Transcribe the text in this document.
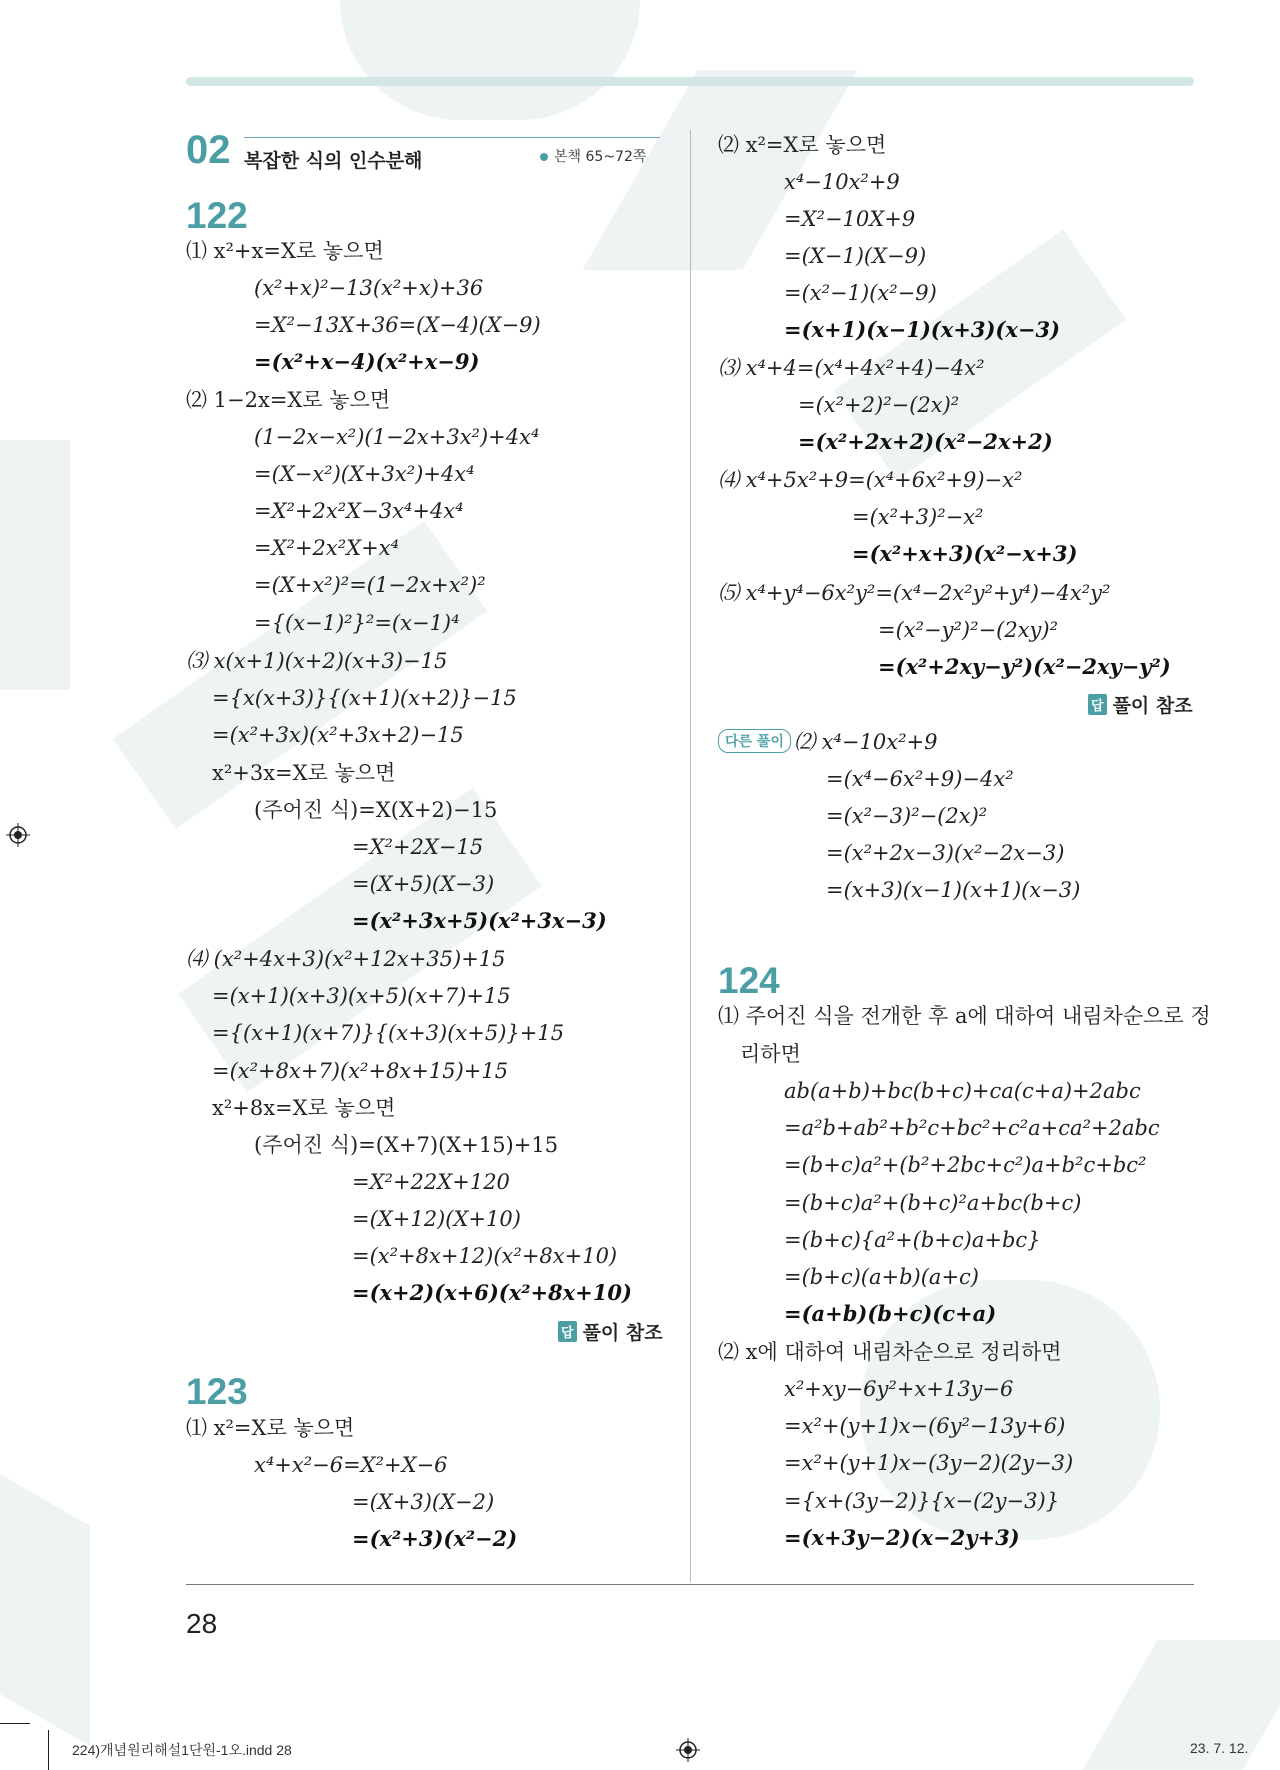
02 복잡한 식의 인수분해	본책 65~72쪽
122
⑴ x²+x=X로 놓으면
(x²+x)²−13(x²+x)+36
=X²−13X+36=(X−4)(X−9)
=(x²+x−4)(x²+x−9)
⑵ 1−2x=X로 놓으면
(1−2x−x²)(1−2x+3x²)+4x⁴
=(X−x²)(X+3x²)+4x⁴
=X²+2x²X−3x⁴+4x⁴
=X²+2x²X+x⁴
=(X+x²)²=(1−2x+x²)²
={(x−1)²}²=(x−1)⁴
⑶ x(x+1)(x+2)(x+3)−15
={x(x+3)}{(x+1)(x+2)}−15
=(x²+3x)(x²+3x+2)−15
x²+3x=X로 놓으면
(주어진 식)=X(X+2)−15
=X²+2X−15
=(X+5)(X−3)
=(x²+3x+5)(x²+3x−3)
⑷ (x²+4x+3)(x²+12x+35)+15
=(x+1)(x+3)(x+5)(x+7)+15
={(x+1)(x+7)}{(x+3)(x+5)}+15
=(x²+8x+7)(x²+8x+15)+15
x²+8x=X로 놓으면
(주어진 식)=(X+7)(X+15)+15
=X²+22X+120
=(X+12)(X+10)
=(x²+8x+12)(x²+8x+10)
=(x+2)(x+6)(x²+8x+10)
답 풀이 참조
123
⑴ x²=X로 놓으면
x⁴+x²−6=X²+X−6
=(X+3)(X−2)
=(x²+3)(x²−2)
⑵ x²=X로 놓으면
x⁴−10x²+9
=X²−10X+9
=(X−1)(X−9)
=(x²−1)(x²−9)
=(x+1)(x−1)(x+3)(x−3)
⑶ x⁴+4=(x⁴+4x²+4)−4x²
=(x²+2)²−(2x)²
=(x²+2x+2)(x²−2x+2)
⑷ x⁴+5x²+9=(x⁴+6x²+9)−x²
=(x²+3)²−x²
=(x²+x+3)(x²−x+3)
⑸ x⁴+y⁴−6x²y²=(x⁴−2x²y²+y⁴)−4x²y²
=(x²−y²)²−(2xy)²
=(x²+2xy−y²)(x²−2xy−y²)
답 풀이 참조
다른 풀이 ⑵ x⁴−10x²+9
=(x⁴−6x²+9)−4x²
=(x²−3)²−(2x)²
=(x²+2x−3)(x²−2x−3)
=(x+3)(x−1)(x+1)(x−3)
124
⑴ 주어진 식을 전개한 후 a에 대하여 내림차순으로 정
리하면
ab(a+b)+bc(b+c)+ca(c+a)+2abc
=a²b+ab²+b²c+bc²+c²a+ca²+2abc
=(b+c)a²+(b²+2bc+c²)a+b²c+bc²
=(b+c)a²+(b+c)²a+bc(b+c)
=(b+c){a²+(b+c)a+bc}
=(b+c)(a+b)(a+c)
=(a+b)(b+c)(c+a)
⑵ x에 대하여 내림차순으로 정리하면
x²+xy−6y²+x+13y−6
=x²+(y+1)x−(6y²−13y+6)
=x²+(y+1)x−(3y−2)(2y−3)
={x+(3y−2)}{x−(2y−3)}
=(x+3y−2)(x−2y+3)
28
224)개념원리해설1단원-1오.indd 28	23. 7. 12.
